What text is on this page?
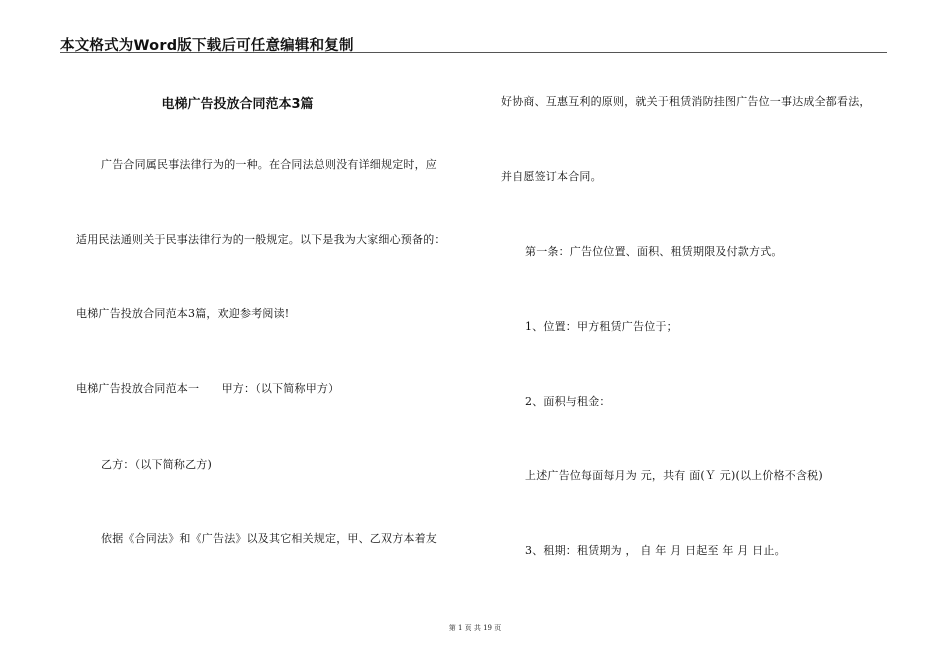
本文格式为Word版下载后可任意编辑和复制
电梯广告投放合同范本3篇
广告合同属民事法律行为的一种。在合同法总则没有详细规定时，应
适用民法通则关于民事法律行为的一般规定。以下是我为大家细心预备的：
电梯广告投放合同范本3篇，欢迎参考阅读!
电梯广告投放合同范本一　　甲方：（以下简称甲方）
乙方：（以下简称乙方)
依据《合同法》和《广告法》以及其它相关规定，甲、乙双方本着友
好协商、互惠互利的原则，就关于租赁消防挂图广告位一事达成全都看法，
并自愿签订本合同。
第一条：广告位位置、面积、租赁期限及付款方式。
1、位置：甲方租赁广告位于；
2、面积与租金：
上述广告位每面每月为 元，共有 面(Ｙ 元)(以上价格不含税)
3、租期：租赁期为 ， 自 年 月 日起至 年 月 日止。
第 1 页 共 19 页
